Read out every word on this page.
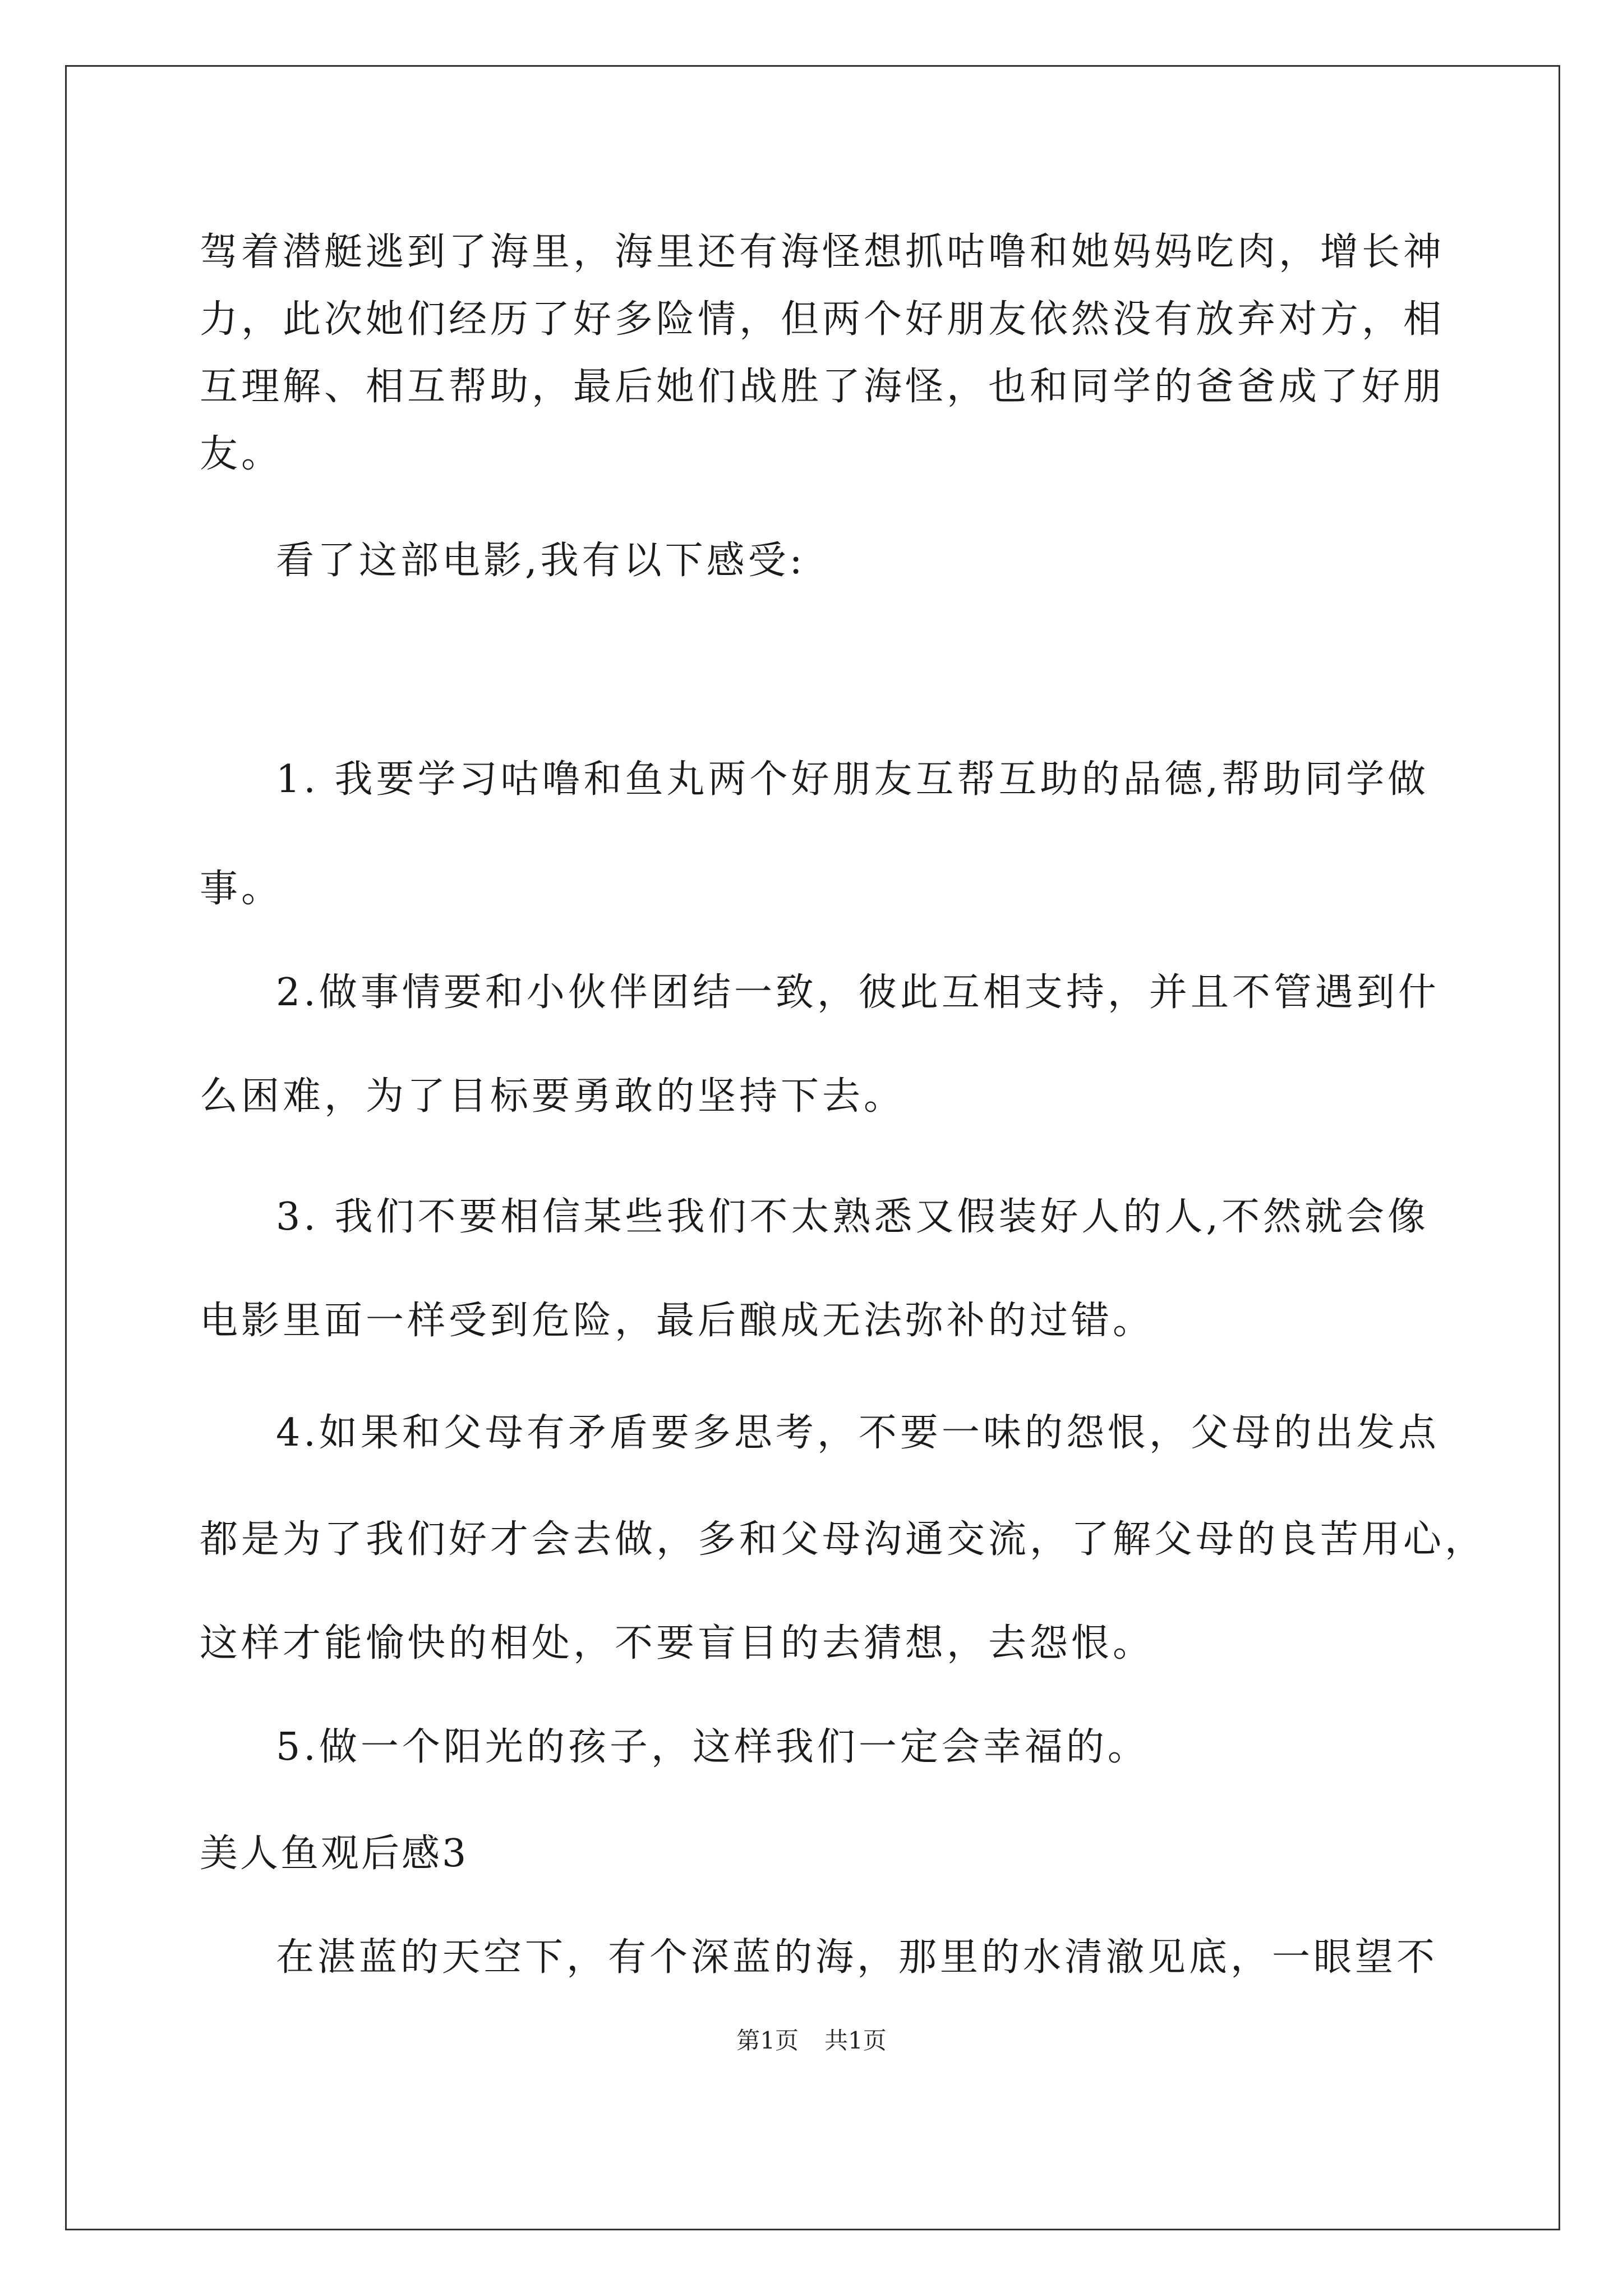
驾着潜艇逃到了海里，海里还有海怪想抓咕噜和她妈妈吃肉，增长神
力，此次她们经历了好多险情，但两个好朋友依然没有放弃对方，相
互理解、相互帮助，最后她们战胜了海怪，也和同学的爸爸成了好朋
友。
看了这部电影,我有以下感受:
1. 我要学习咕噜和鱼丸两个好朋友互帮互助的品德,帮助同学做
事。
2.做事情要和小伙伴团结一致，彼此互相支持，并且不管遇到什
么困难，为了目标要勇敢的坚持下去。
3. 我们不要相信某些我们不太熟悉又假装好人的人,不然就会像
电影里面一样受到危险，最后酿成无法弥补的过错。
4.如果和父母有矛盾要多思考，不要一味的怨恨，父母的出发点
都是为了我们好才会去做，多和父母沟通交流，了解父母的良苦用心，
这样才能愉快的相处，不要盲目的去猜想，去怨恨。
5.做一个阳光的孩子，这样我们一定会幸福的。
美人鱼观后感3
在湛蓝的天空下，有个深蓝的海，那里的水清澈见底，一眼望不
第1页 共1页
